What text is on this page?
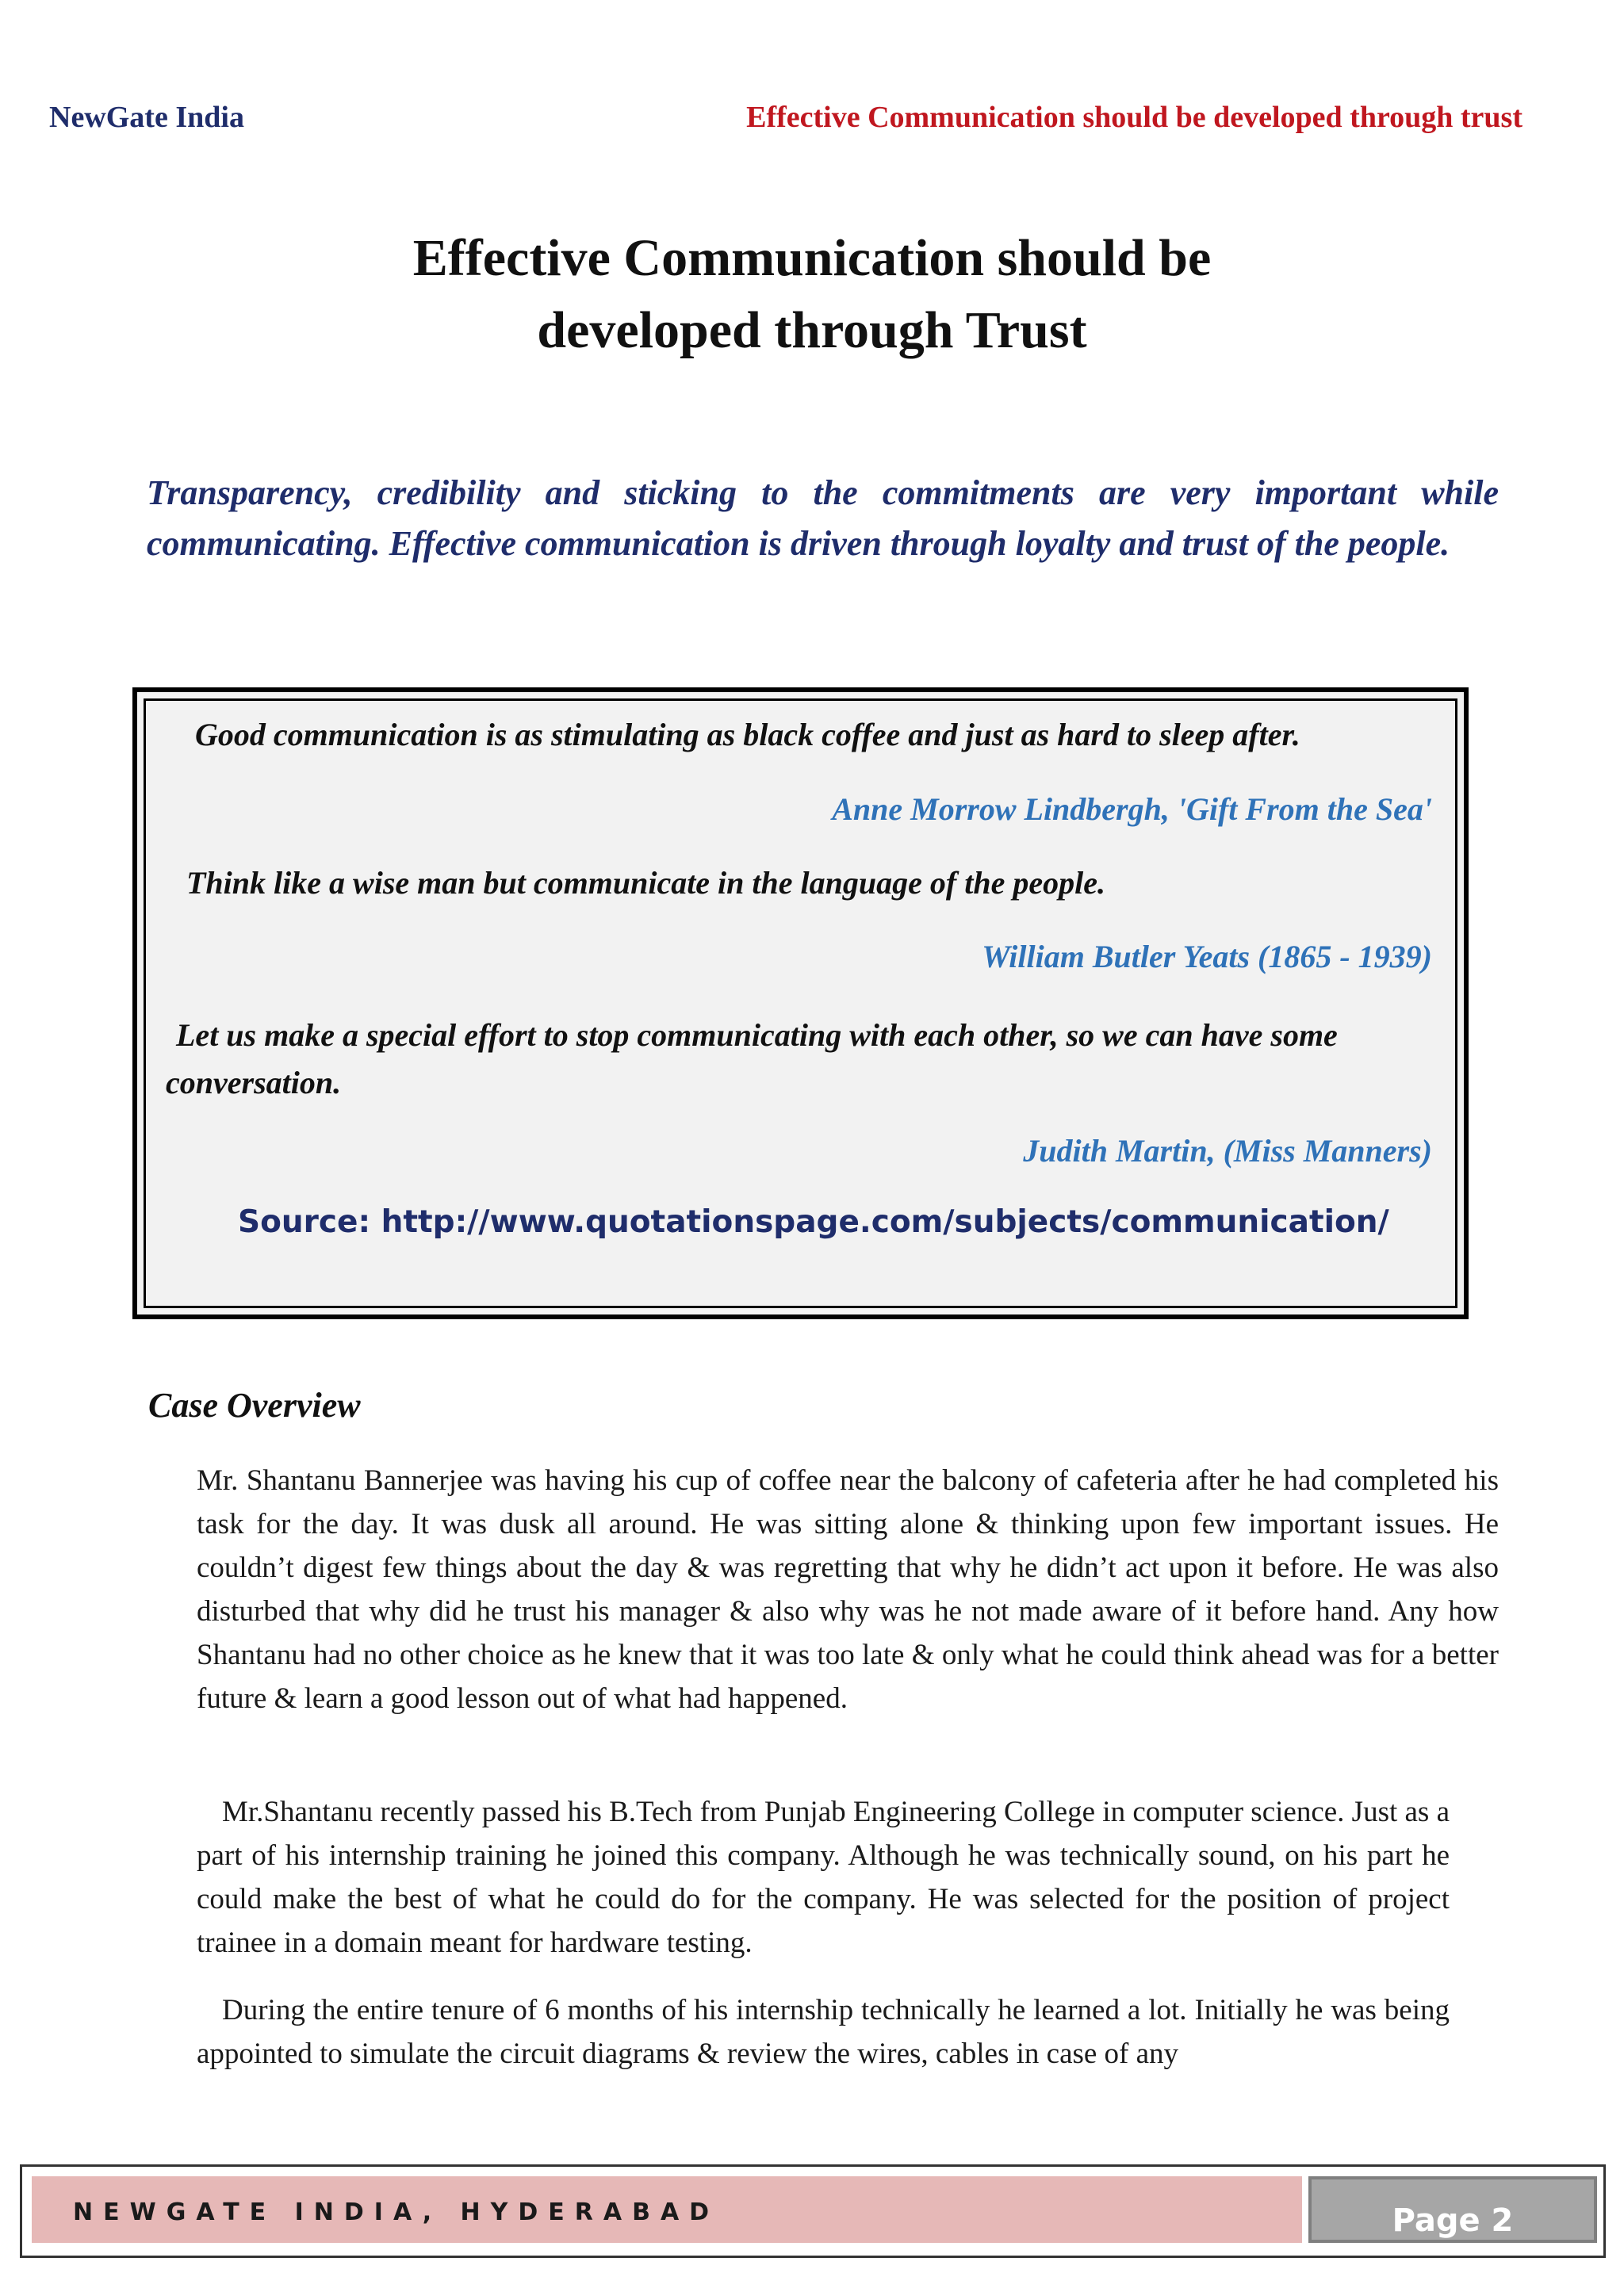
NewGate India	Effective Communication should be developed through trust
Effective Communication should be
developed through Trust
Transparency, credibility and sticking to the commitments are very important while communicating. Effective communication is driven through loyalty and trust of the people.
Good communication is as stimulating as black coffee and just as hard to sleep after.
Anne Morrow Lindbergh, 'Gift From the Sea'
Think like a wise man but communicate in the language of the people.
William Butler Yeats (1865 - 1939)
Let us make a special effort to stop communicating with each other, so we can have some conversation.
Judith Martin, (Miss Manners)
Source: http://www.quotationspage.com/subjects/communication/
Case Overview

Mr. Shantanu Bannerjee was having his cup of coffee near the balcony of cafeteria after he had completed his task for the day. It was dusk all around. He was sitting alone & thinking upon few important issues. He couldn’t digest few things about the day & was regretting that why he didn’t act upon it before. He was also disturbed that why did he trust his manager & also why was he not made aware of it before hand. Any how Shantanu had no other choice as he knew that it was too late & only what he could think ahead was for a better future & learn a good lesson out of what had happened.

Mr.Shantanu recently passed his B.Tech from Punjab Engineering College in computer science. Just as a part of his internship training he joined this company. Although he was technically sound, on his part he could make the best of what he could do for the company. He was selected for the position of project trainee in a domain meant for hardware testing.

During the entire tenure of 6 months of his internship technically he learned a lot. Initially he was being appointed to simulate the circuit diagrams & review the wires, cables in case of any

NEWGATE INDIA, HYDERABAD	Page 2
